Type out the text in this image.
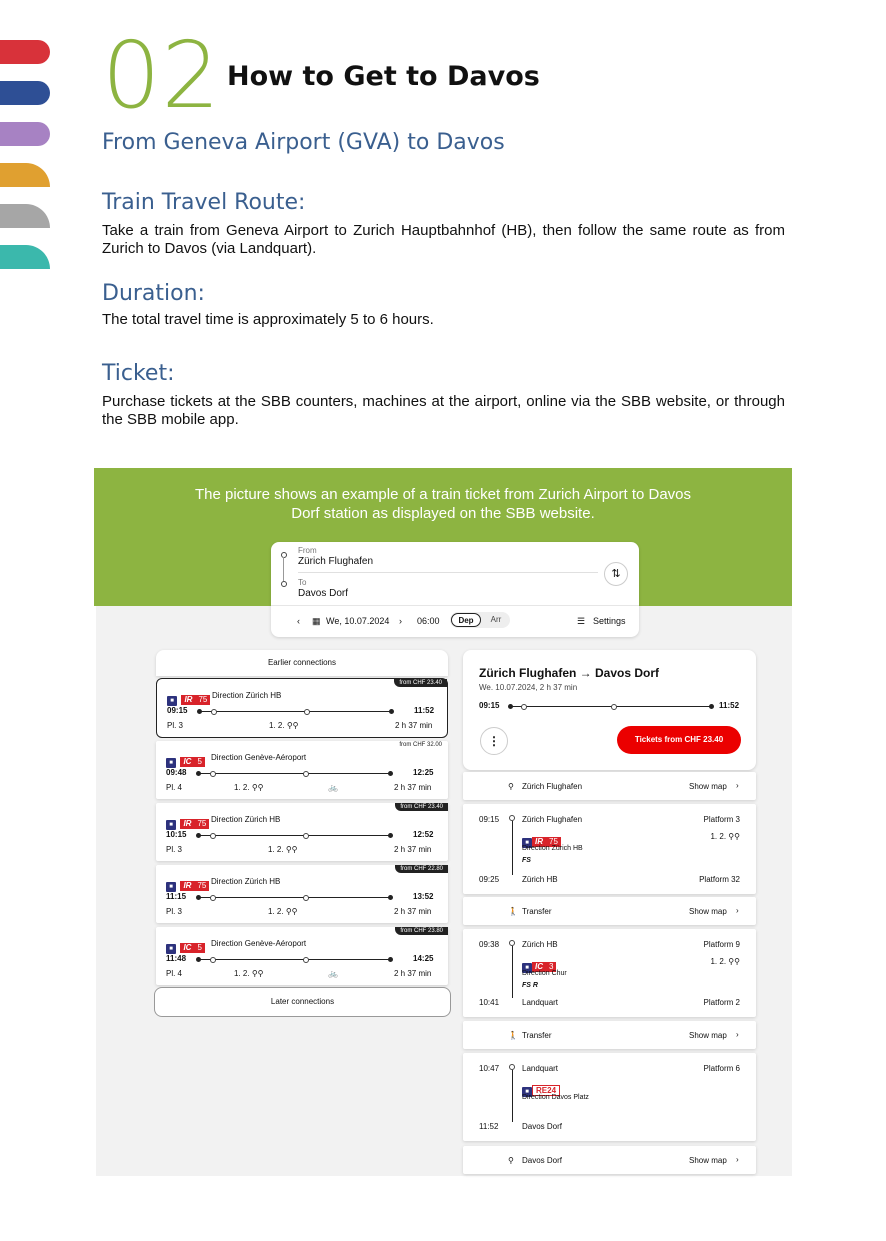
02 How to Get to Davos
From Geneva Airport (GVA) to Davos
Train Travel Route:
Take a train from Geneva Airport to Zurich Hauptbahnhof (HB), then follow the same route as from Zurich to Davos (via Landquart).
Duration:
The total travel time is approximately 5 to 6 hours.
Ticket:
Purchase tickets at the SBB counters, machines at the airport, online via the SBB website, or through the SBB mobile app.
The picture shows an example of a train ticket from Zurich Airport to Davos Dorf station as displayed on the SBB website.
From
Zürich Flughafen
To
Davos Dorf
⇅
‹ ▦ We, 10.07.2024 › 06:00	Dep	Arr	☰ Settings
Earlier connections
from CHF 23.40
■ IR 75 Direction Zürich HB
09:15	11:52
Pl. 3	1. 2. ⚲⚲	2 h 37 min
from CHF 32.00
■ IC 5	Direction Genève-Aéroport
09:48	12:25
Pl. 4	1. 2. ⚲⚲	🚲	2 h 37 min
from CHF 23.40
■ IR 75 Direction Zürich HB
10:15	12:52
Pl. 3	1. 2. ⚲⚲	2 h 37 min
from CHF 22.80
■ IR 75 Direction Zürich HB
11:15	13:52
Pl. 3	1. 2. ⚲⚲	2 h 37 min
from CHF 23.80
■ IC 5	Direction Genève-Aéroport
11:48	14:25
Pl. 4	1. 2. ⚲⚲	🚲	2 h 37 min
Later connections
Zürich Flughafen → Davos Dorf
We. 10.07.2024, 2 h 37 min
09:15	11:52
⋮	Tickets from CHF 23.40
⚲ Zürich Flughafen	Show map ›
09:15	Zürich Flughafen	Platform 3
■ IR 75
1. 2. ⚲⚲
Direction Zürich HB
FS
09:25	Zürich HB	Platform 32
🚶 Transfer	Show map ›
09:38	Zürich HB	Platform 9
■ IC 3
1. 2. ⚲⚲
Direction Chur
FS R
10:41	Landquart	Platform 2
🚶 Transfer	Show map ›
10:47	Landquart	Platform 6
■ RE24
Direction Davos Platz
11:52	Davos Dorf
⚲ Davos Dorf	Show map ›
